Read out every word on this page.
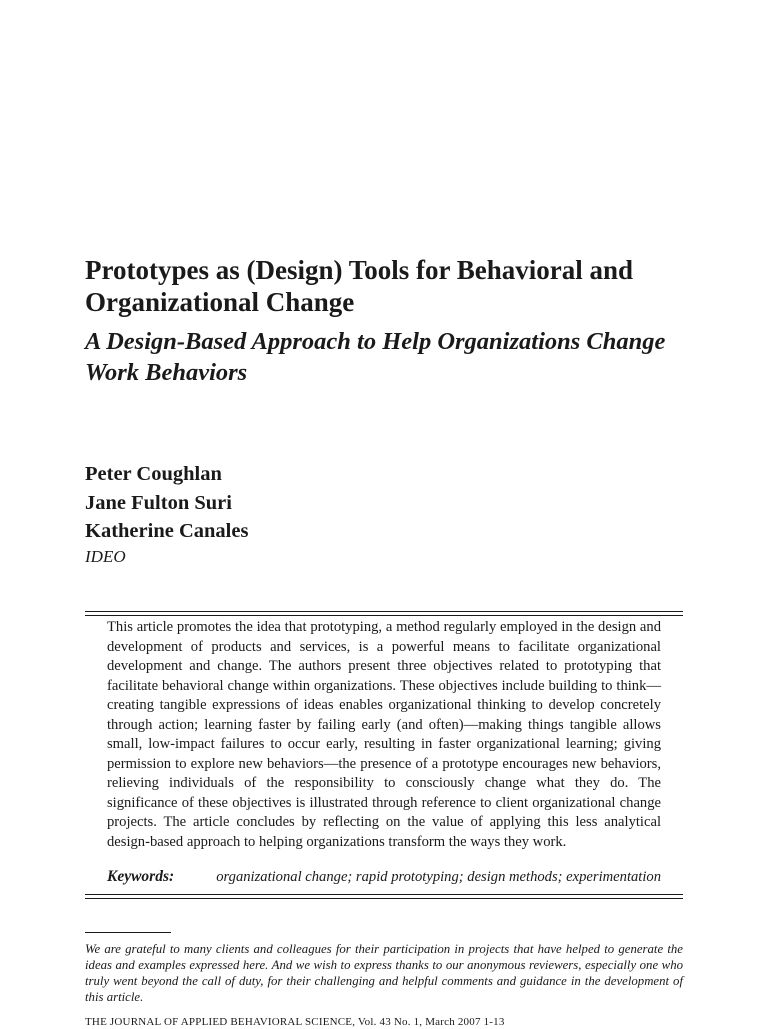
Prototypes as (Design) Tools for Behavioral and Organizational Change
A Design-Based Approach to Help Organizations Change Work Behaviors
Peter Coughlan
Jane Fulton Suri
Katherine Canales
IDEO

This article promotes the idea that prototyping, a method regularly employed in the design and development of products and services, is a powerful means to facilitate organizational development and change. The authors present three objectives related to prototyping that facilitate behavioral change within organizations. These objectives include building to think—creating tangible expressions of ideas enables organizational thinking to develop concretely through action; learning faster by failing early (and often)—making things tangible allows small, low-impact failures to occur early, resulting in faster organizational learning; giving permission to explore new behaviors—the presence of a prototype encourages new behaviors, relieving individuals of the responsibility to consciously change what they do. The significance of these objectives is illustrated through reference to client organizational change projects. The article concludes by reflecting on the value of applying this less analytical design-based approach to helping organizations transform the ways they work.

Keywords:	organizational change; rapid prototyping; design methods; experimentation

We are grateful to many clients and colleagues for their participation in projects that have helped to generate the ideas and examples expressed here. And we wish to express thanks to our anonymous reviewers, especially one who truly went beyond the call of duty, for their challenging and helpful comments and guidance in the development of this article.

THE JOURNAL OF APPLIED BEHAVIORAL SCIENCE, Vol. 43 No. 1, March 2007 1-13
